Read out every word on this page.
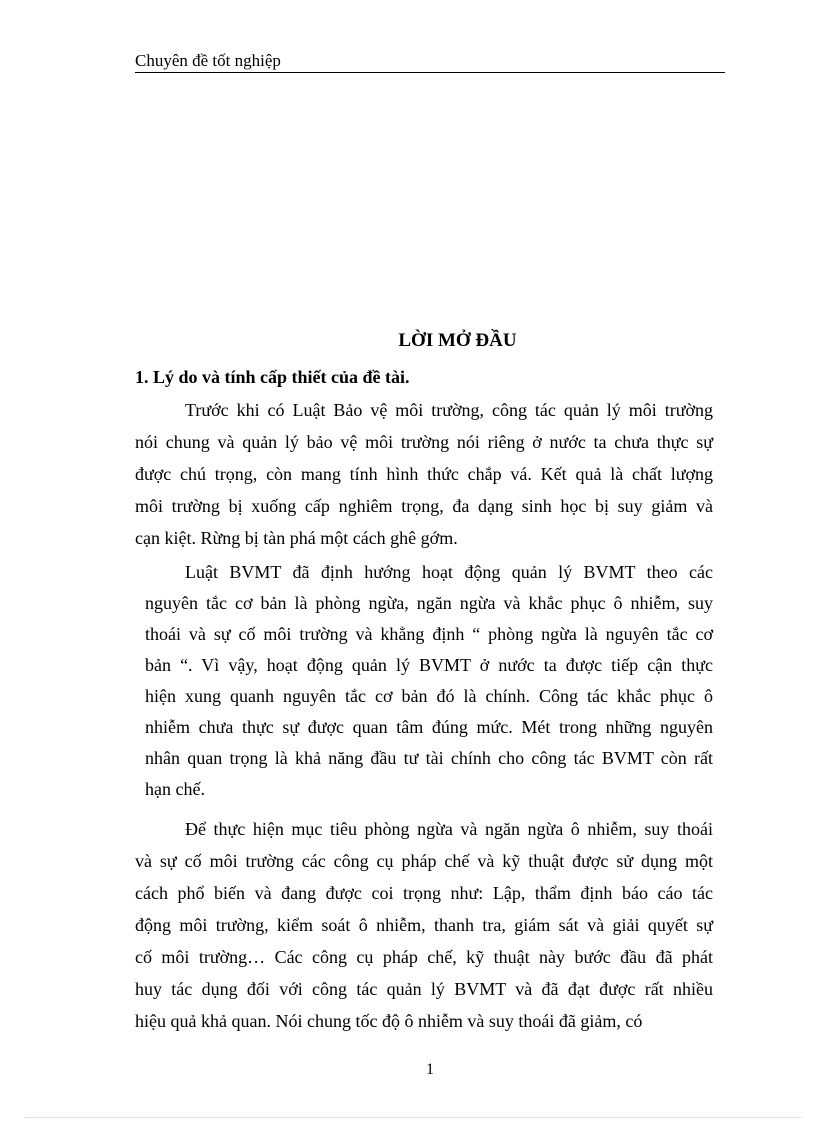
Chuyên đề tốt nghiệp
LỜI MỞ ĐẦU
1. Lý do và tính cấp thiết của đề tài.
Trước khi có Luật Bảo vệ môi trường, công tác quản lý môi trường
nói chung và quản lý bảo vệ môi trường nói riêng ở nước ta chưa thực sự
được chú trọng, còn mang tính hình thức chắp vá. Kết quả là chất lượng
môi trường bị xuống cấp nghiêm trọng, đa dạng sinh học bị suy giảm và
cạn kiệt. Rừng bị tàn phá một cách ghê gớm.
Luật BVMT đã định hướng hoạt động quản lý BVMT theo các
nguyên tắc cơ bản là phòng ngừa, ngăn ngừa và khắc phục ô nhiễm, suy
thoái và sự cố môi trường và khẳng định “ phòng ngừa là nguyên tắc cơ
bản “. Vì vậy, hoạt động quản lý BVMT ở nước ta được tiếp cận thực
hiện xung quanh nguyên tắc cơ bản đó là chính. Công tác khắc phục ô
nhiễm chưa thực sự được quan tâm đúng mức. Mét trong những nguyên
nhân quan trọng là khả năng đầu tư tài chính cho công tác BVMT còn rất
hạn chế.
Để thực hiện mục tiêu phòng ngừa và ngăn ngừa ô nhiễm, suy thoái
và sự cố môi trường các công cụ pháp chế và kỹ thuật được sử dụng một
cách phổ biến và đang được coi trọng như: Lập, thẩm định báo cáo tác
động môi trường, kiểm soát ô nhiễm, thanh tra, giám sát và giải quyết sự
cố môi trường… Các công cụ pháp chế, kỹ thuật này bước đầu đã phát
huy tác dụng đối với công tác quản lý BVMT và đã đạt được rất nhiều
hiệu quả khả quan. Nói chung tốc độ ô nhiễm và suy thoái đã giảm, có
1
